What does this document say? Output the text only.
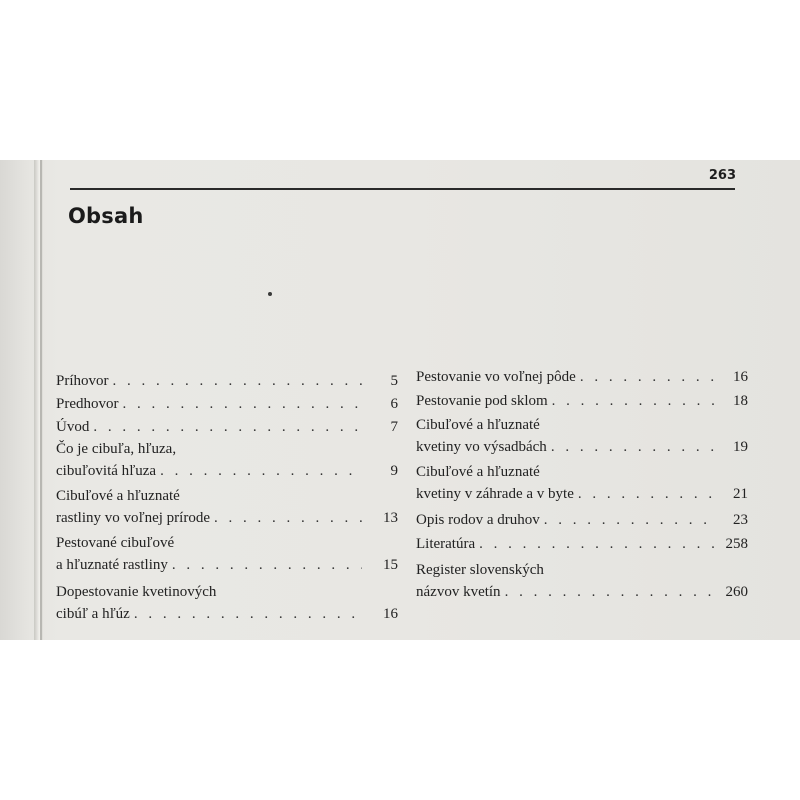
263
Obsah
Príhovor . . .	5
Predhovor . . .	6
Úvod . . .	7
Čo je cibuľa, hľuza,
cibuľovitá hľuza . . .	9
Cibuľové a hľuznaté
rastliny vo voľnej prírode . . .	13
Pestované cibuľové
a hľuznaté rastliny . . .	15
Dopestovanie kvetinových
cibúľ a hľúz . . .	16
Pestovanie vo voľnej pôde . . .	16
Pestovanie pod sklom . . .	18
Cibuľové a hľuznaté
kvetiny vo výsadbách . . .	19
Cibuľové a hľuznaté
kvetiny v záhrade a v byte . . .	21
Opis rodov a druhov . . .	23
Literatúra . . .	258
Register slovenských
názvov kvetín . . .	260
